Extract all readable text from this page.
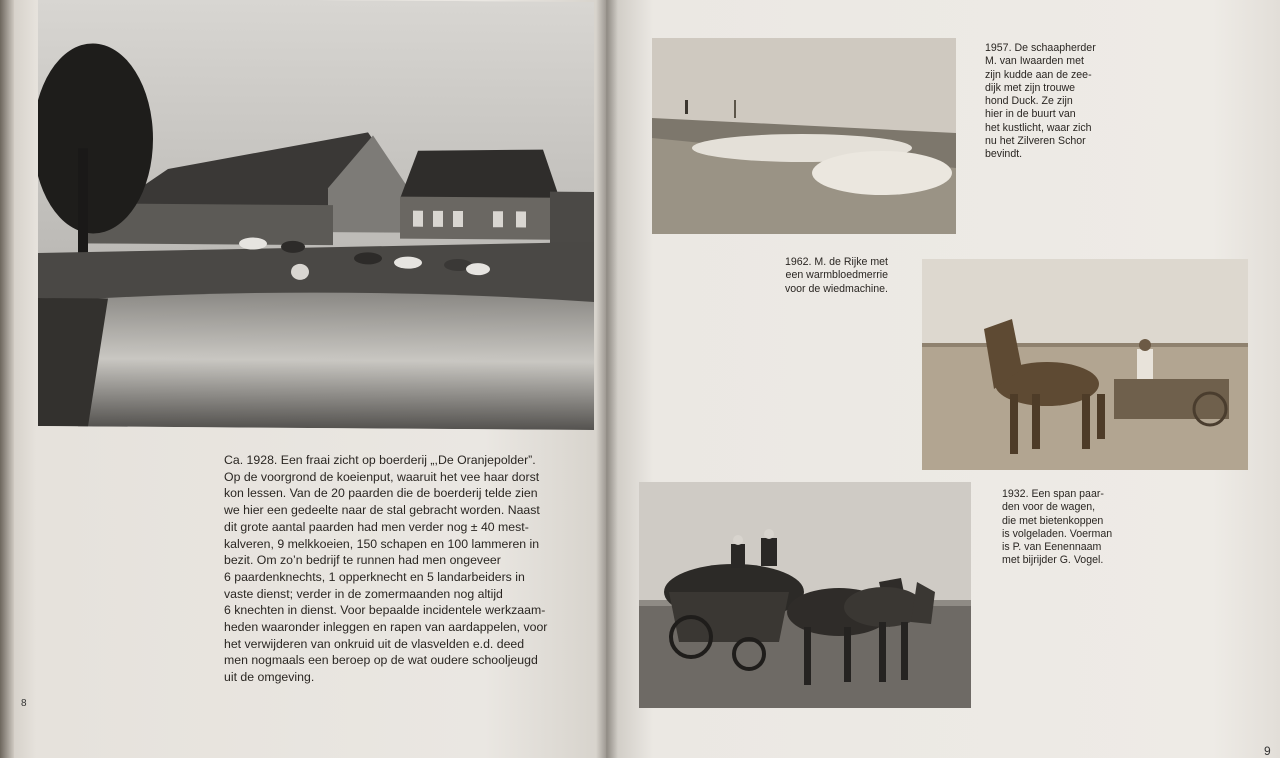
Ca. 1928. Een fraai zicht op boerderij „,De Oranjepolder”.
Op de voorgrond de koeienput, waaruit het vee haar dorst
kon lessen. Van de 20 paarden die de boerderij telde zien
we hier een gedeelte naar de stal gebracht worden. Naast
dit grote aantal paarden had men verder nog ± 40 mest-
kalveren, 9 melkkoeien, 150 schapen en 100 lammeren in
bezit. Om zo’n bedrijf te runnen had men ongeveer
6 paardenknechts, 1 opperknecht en 5 landarbeiders in
vaste dienst; verder in de zomermaanden nog altijd
6 knechten in dienst. Voor bepaalde incidentele werkzaam-
heden waaronder inleggen en rapen van aardappelen, voor
het verwijderen van onkruid uit de vlasvelden e.d. deed
men nogmaals een beroep op de wat oudere schooljeugd
uit de omgeving.
8
1957. De schaapherder
M. van Iwaarden met
zijn kudde aan de zee-
dijk met zijn trouwe
hond Duck. Ze zijn
hier in de buurt van
het kustlicht, waar zich
nu het Zilveren Schor
bevindt.
1962. M. de Rijke met
een warmbloedmerrie
voor de wiedmachine.
1932. Een span paar-
den voor de wagen,
die met bietenkoppen
is volgeladen. Voerman
is P. van Eenennaam
met bijrijder G. Vogel.
9
